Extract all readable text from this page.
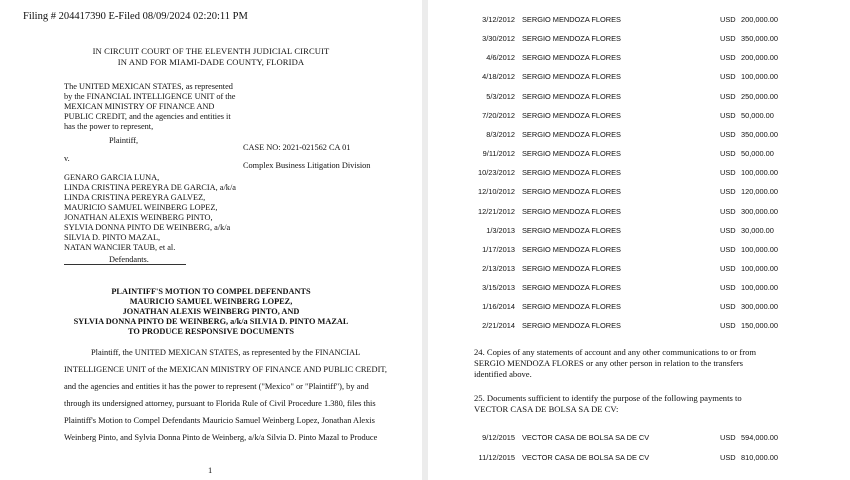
Filing # 204417390 E-Filed 08/09/2024 02:20:11 PM
IN CIRCUIT COURT OF THE ELEVENTH JUDICIAL CIRCUIT
IN AND FOR MIAMI-DADE COUNTY, FLORIDA
The UNITED MEXICAN STATES, as represented
by the FINANCIAL INTELLIGENCE UNIT of the
MEXICAN MINISTRY OF FINANCE AND
PUBLIC CREDIT, and the agencies and entities it
has the power to represent,
Plaintiff,
CASE NO: 2021-021562 CA 01
v.
Complex Business Litigation Division
GENARO GARCIA LUNA,
LINDA CRISTINA PEREYRA DE GARCIA, a/k/a
LINDA CRISTINA PEREYRA GALVEZ,
MAURICIO SAMUEL WEINBERG LOPEZ,
JONATHAN ALEXIS WEINBERG PINTO,
SYLVIA DONNA PINTO DE WEINBERG, a/k/a
SILVIA D. PINTO MAZAL,
NATAN WANCIER TAUB, et al.
Defendants.
PLAINTIFF'S MOTION TO COMPEL DEFENDANTS
MAURICIO SAMUEL WEINBERG LOPEZ,
JONATHAN ALEXIS WEINBERG PINTO, AND
SYLVIA DONNA PINTO DE WEINBERG, a/k/a SILVIA D. PINTO MAZAL
TO PRODUCE RESPONSIVE DOCUMENTS
Plaintiff, the UNITED MEXICAN STATES, as represented by the FINANCIAL
INTELLIGENCE UNIT of the MEXICAN MINISTRY OF FINANCE AND PUBLIC CREDIT,
and the agencies and entities it has the power to represent ("Mexico" or "Plaintiff"), by and
through its undersigned attorney, pursuant to Florida Rule of Civil Procedure 1.380, files this
Plaintiff's Motion to Compel Defendants Mauricio Samuel Weinberg Lopez, Jonathan Alexis
Weinberg Pinto, and Sylvia Donna Pinto de Weinberg, a/k/a Silvia D. Pinto Mazal to Produce
1
3/12/2012 SERGIO MENDOZA FLORES	USD 200,000.00
3/30/2012 SERGIO MENDOZA FLORES	USD 350,000.00
4/6/2012 SERGIO MENDOZA FLORES	USD 200,000.00
4/18/2012 SERGIO MENDOZA FLORES	USD 100,000.00
5/3/2012 SERGIO MENDOZA FLORES	USD 250,000.00
7/20/2012 SERGIO MENDOZA FLORES	USD 50,000.00
8/3/2012 SERGIO MENDOZA FLORES	USD 350,000.00
9/11/2012 SERGIO MENDOZA FLORES	USD 50,000.00
10/23/2012 SERGIO MENDOZA FLORES	USD 100,000.00
12/10/2012 SERGIO MENDOZA FLORES	USD 120,000.00
12/21/2012 SERGIO MENDOZA FLORES	USD 300,000.00
1/3/2013 SERGIO MENDOZA FLORES	USD 30,000.00
1/17/2013 SERGIO MENDOZA FLORES	USD 100,000.00
2/13/2013 SERGIO MENDOZA FLORES	USD 100,000.00
3/15/2013 SERGIO MENDOZA FLORES	USD 100,000.00
1/16/2014 SERGIO MENDOZA FLORES	USD 300,000.00
2/21/2014 SERGIO MENDOZA FLORES	USD 150,000.00
24. Copies of any statements of account and any other communications to or from
SERGIO MENDOZA FLORES or any other person in relation to the transfers
identified above.
25. Documents sufficient to identify the purpose of the following payments to
VECTOR CASA DE BOLSA SA DE CV:
9/12/2015 VECTOR CASA DE BOLSA SA DE CV	USD 594,000.00
11/12/2015 VECTOR CASA DE BOLSA SA DE CV	USD 810,000.00
